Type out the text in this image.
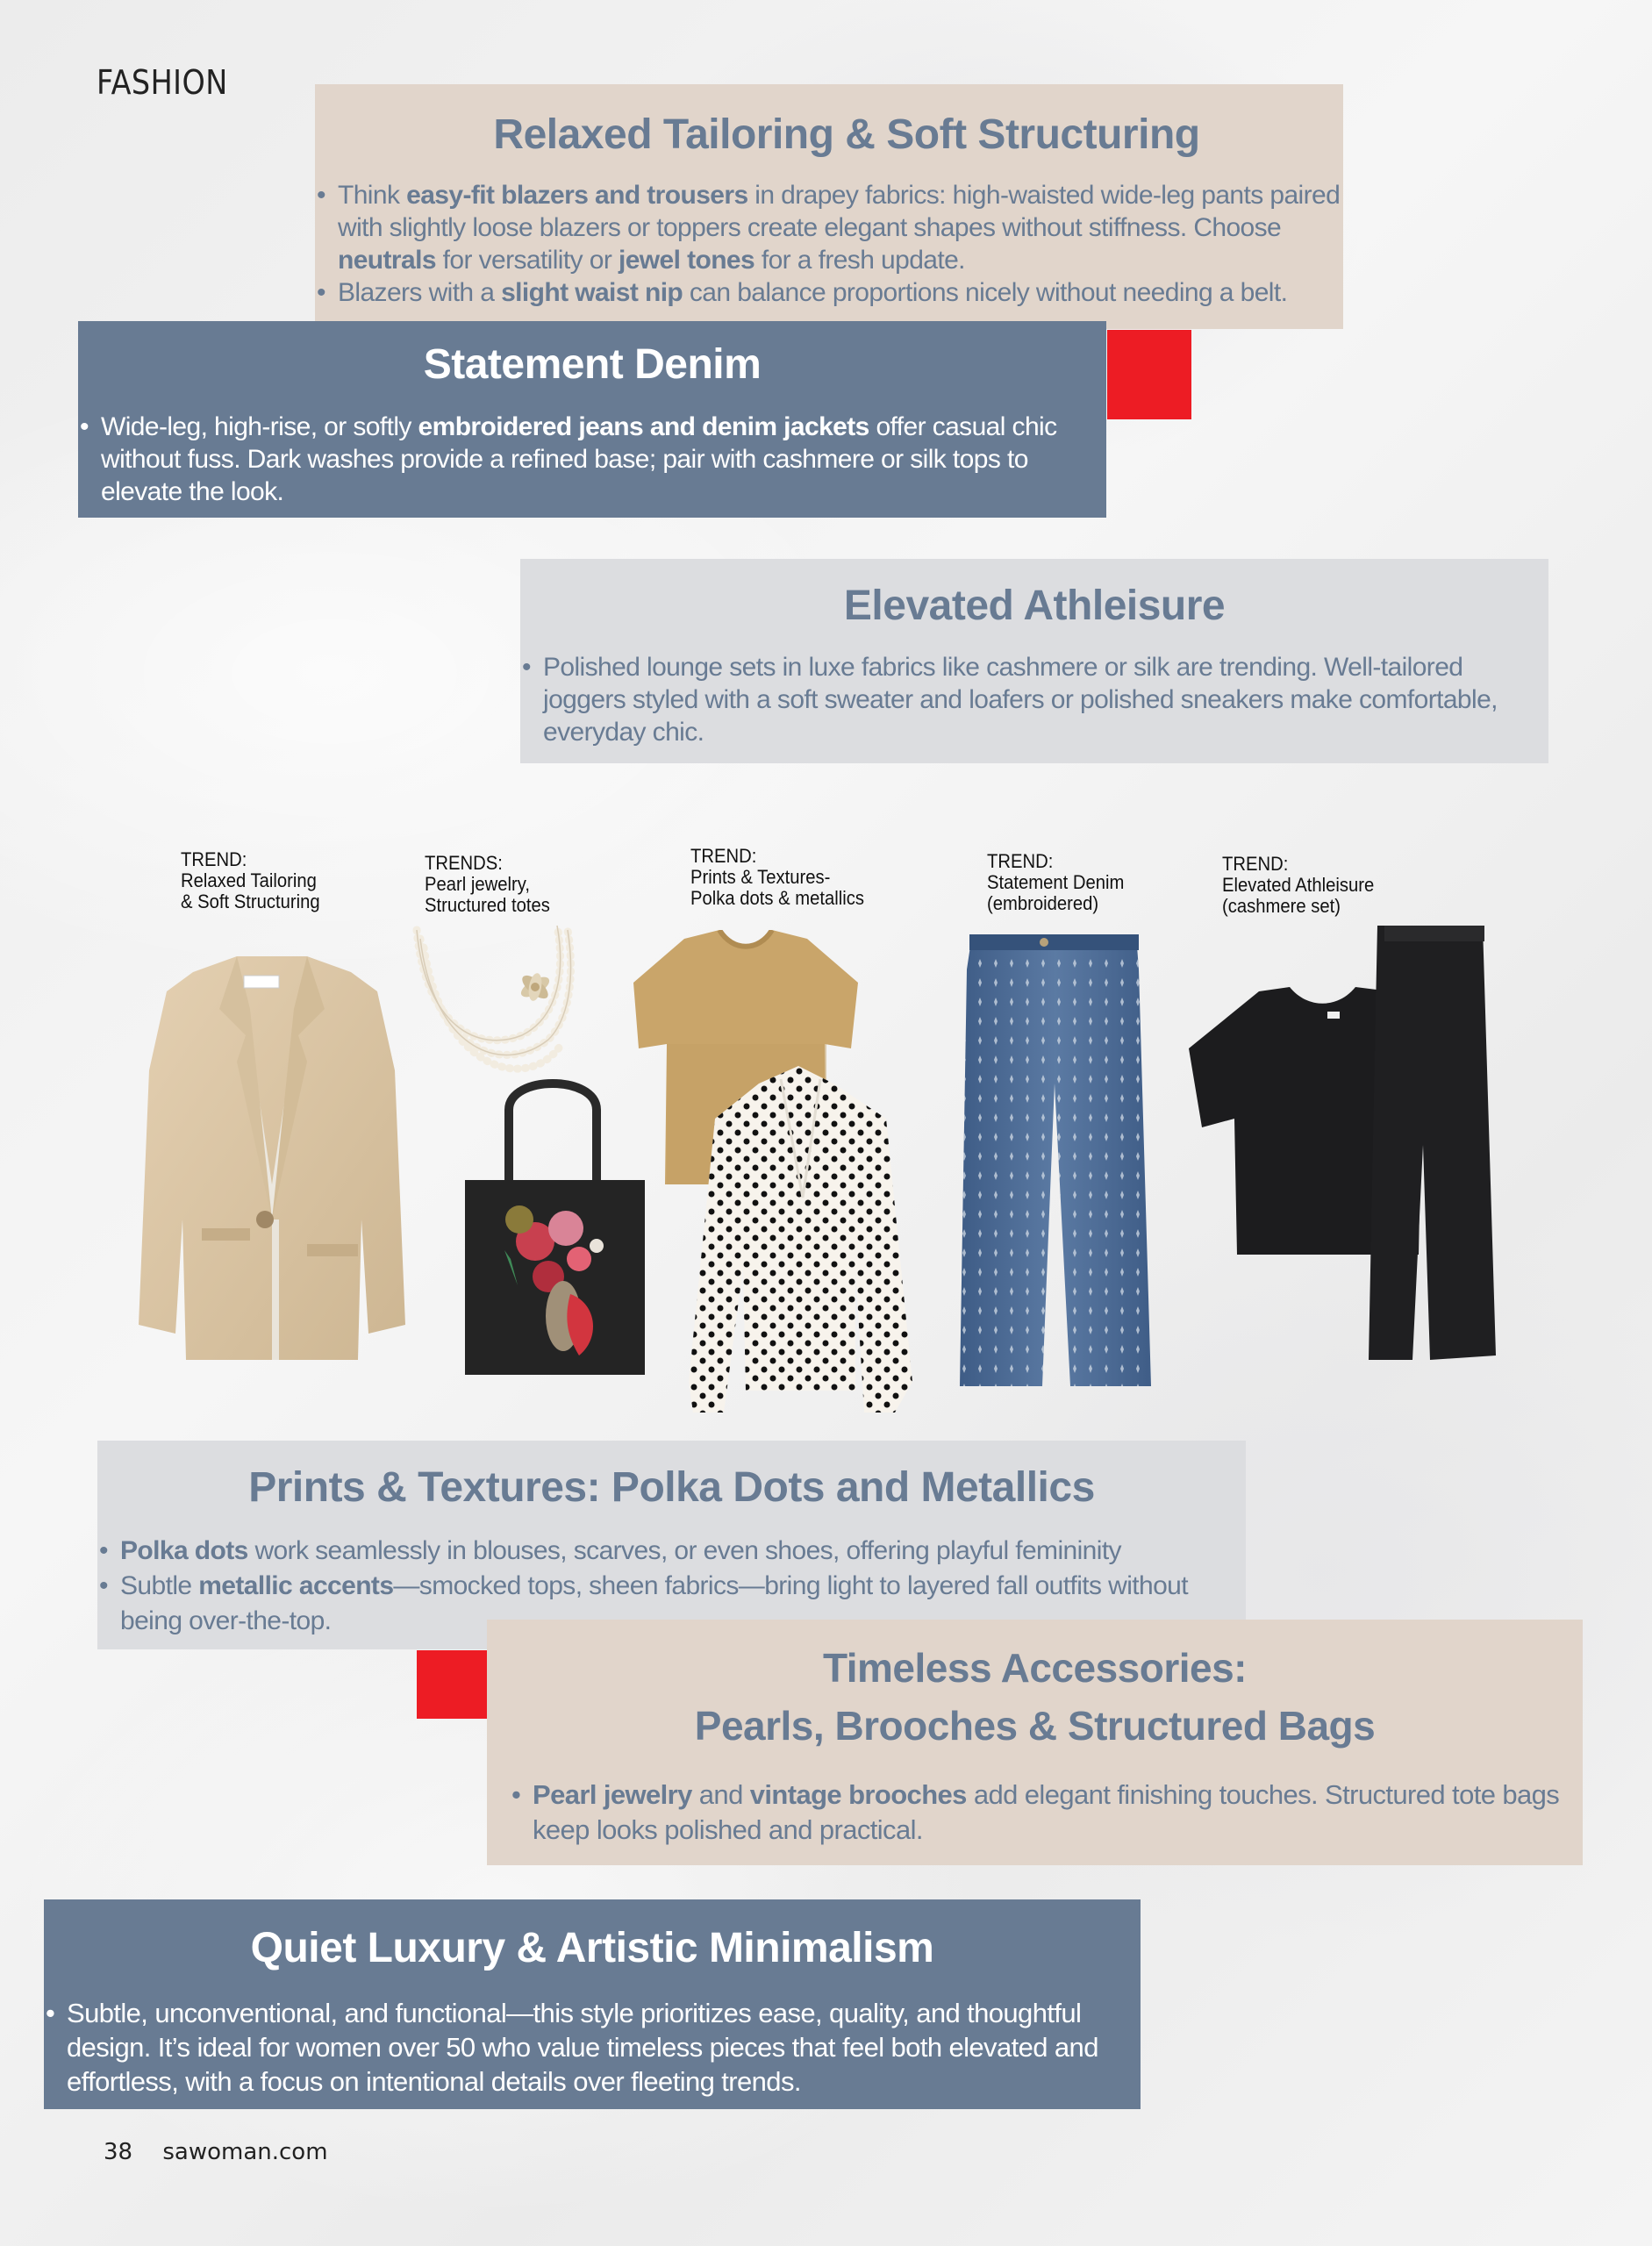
FASHION
Relaxed Tailoring & Soft Structuring
• Think easy-fit blazers and trousers in drapey fabrics: high-waisted wide-leg pants paired with slightly loose blazers or toppers create elegant shapes without stiffness. Choose neutrals for versatility or jewel tones for a fresh update.
• Blazers with a slight waist nip can balance proportions nicely without needing a belt.
Statement Denim
• Wide-leg, high-rise, or softly embroidered jeans and denim jackets offer casual chic without fuss. Dark washes provide a refined base; pair with cashmere or silk tops to elevate the look.
Elevated Athleisure
• Polished lounge sets in luxe fabrics like cashmere or silk are trending. Well-tailored joggers styled with a soft sweater and loafers or polished sneakers make comfortable, everyday chic.
TREND:
Relaxed Tailoring
& Soft Structuring
TRENDS:
Pearl jewelry,
Structured totes
TREND:
Prints & Textures-
Polka dots & metallics
TREND:
Statement Denim
(embroidered)
TREND:
Elevated Athleisure
(cashmere set)
Prints & Textures: Polka Dots and Metallics
• Polka dots work seamlessly in blouses, scarves, or even shoes, offering playful femininity
• Subtle metallic accents—smocked tops, sheen fabrics—bring light to layered fall outfits without being over-the-top.
Timeless Accessories:
Pearls, Brooches & Structured Bags
• Pearl jewelry and vintage brooches add elegant finishing touches. Structured tote bags keep looks polished and practical.
Quiet Luxury & Artistic Minimalism
• Subtle, unconventional, and functional—this style prioritizes ease, quality, and thoughtful design. It’s ideal for women over 50 who value timeless pieces that feel both elevated and effortless, with a focus on intentional details over fleeting trends.
38 sawoman.com
